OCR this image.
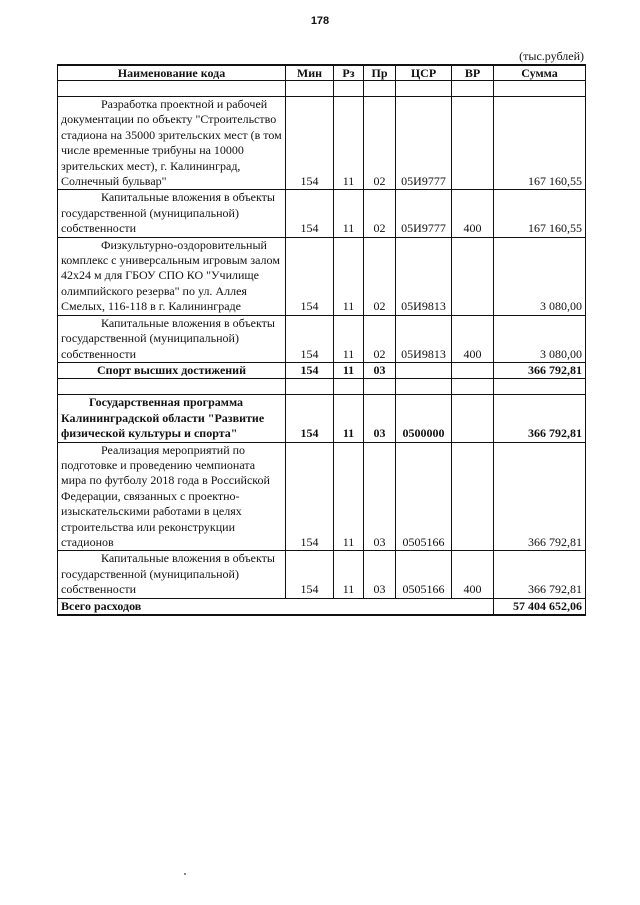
178
(тыс.рублей)
Наименование кода	Мин	Рз	Пр	ЦСР	ВР	Сумма

Разработка проектной и рабочей документации по объекту "Строительство стадиона на 35000 зрительских мест (в том числе временные трибуны на 10000 зрительских мест), г. Калининград, Солнечный бульвар"	154	11	02	05И9777		167 160,55

Капитальные вложения в объекты государственной (муниципальной) собственности	154	11	02	05И9777	400	167 160,55

Физкультурно-оздоровительный комплекс с универсальным игровым залом 42х24 м для ГБОУ СПО КО "Училище олимпийского резерва" по ул. Аллея Смелых, 116-118 в г. Калининграде	154	11	02	05И9813		3 080,00

Капитальные вложения в объекты государственной (муниципальной) собственности	154	11	02	05И9813	400	3 080,00
Спорт высших достижений	154	11	03			366 792,81

Государственная программа Калининградской области "Развитие физической культуры и спорта"	154	11	03	0500000		366 792,81

Реализация мероприятий по подготовке и проведению чемпионата мира по футболу 2018 года в Российской Федерации, связанных с проектно-изыскательскими работами в целях строительства или реконструкции стадионов	154	11	03	0505166		366 792,81

Капитальные вложения в объекты государственной (муниципальной) собственности	154	11	03	0505166	400	366 792,81
Всего расходов						57 404 652,06
